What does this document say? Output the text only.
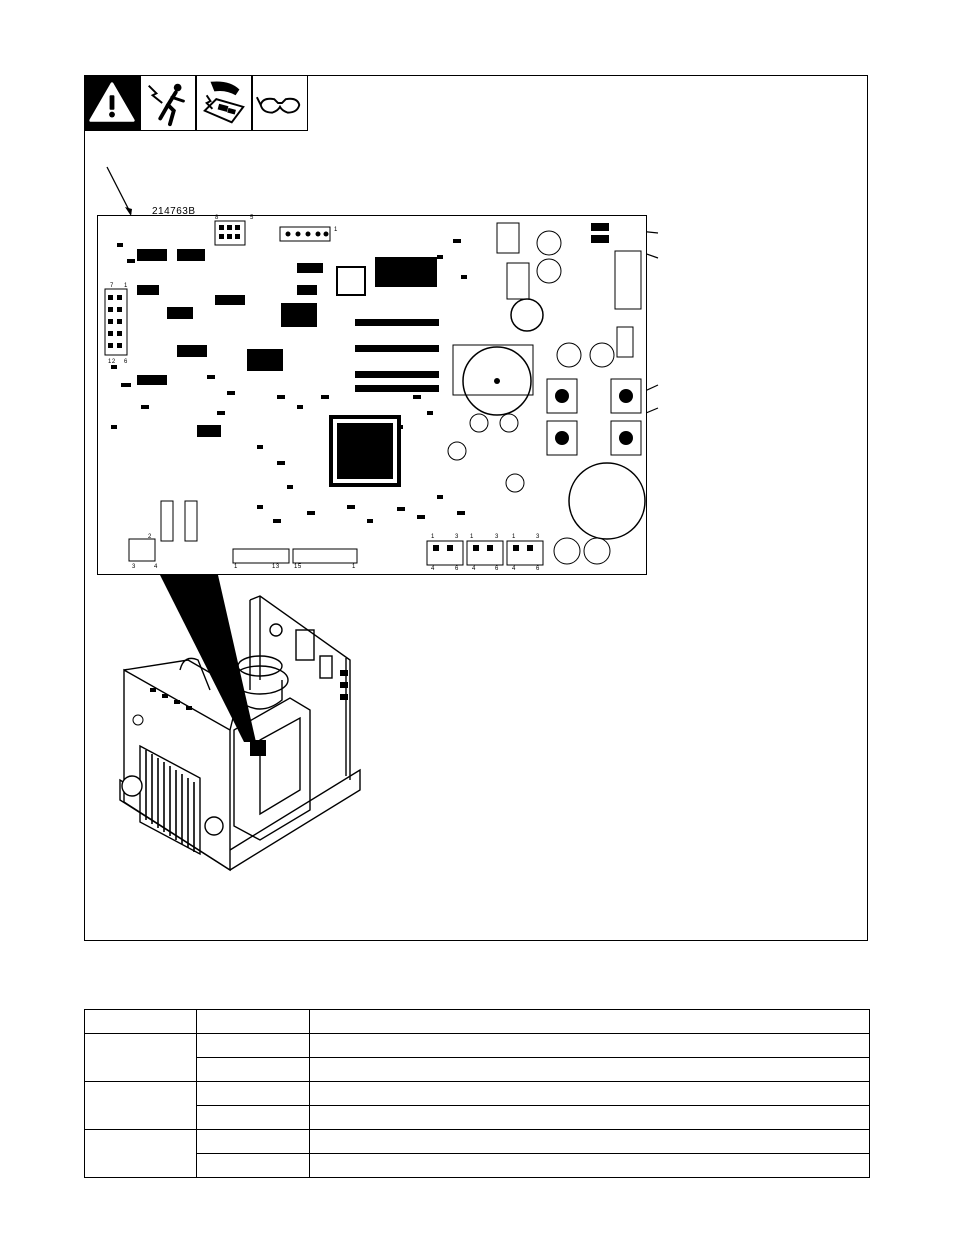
214763B
8	5
1
7 1
12 6
2
3	4	1	13 15	1
1	3 1	3 1	3
4	6 4	6 4	6
